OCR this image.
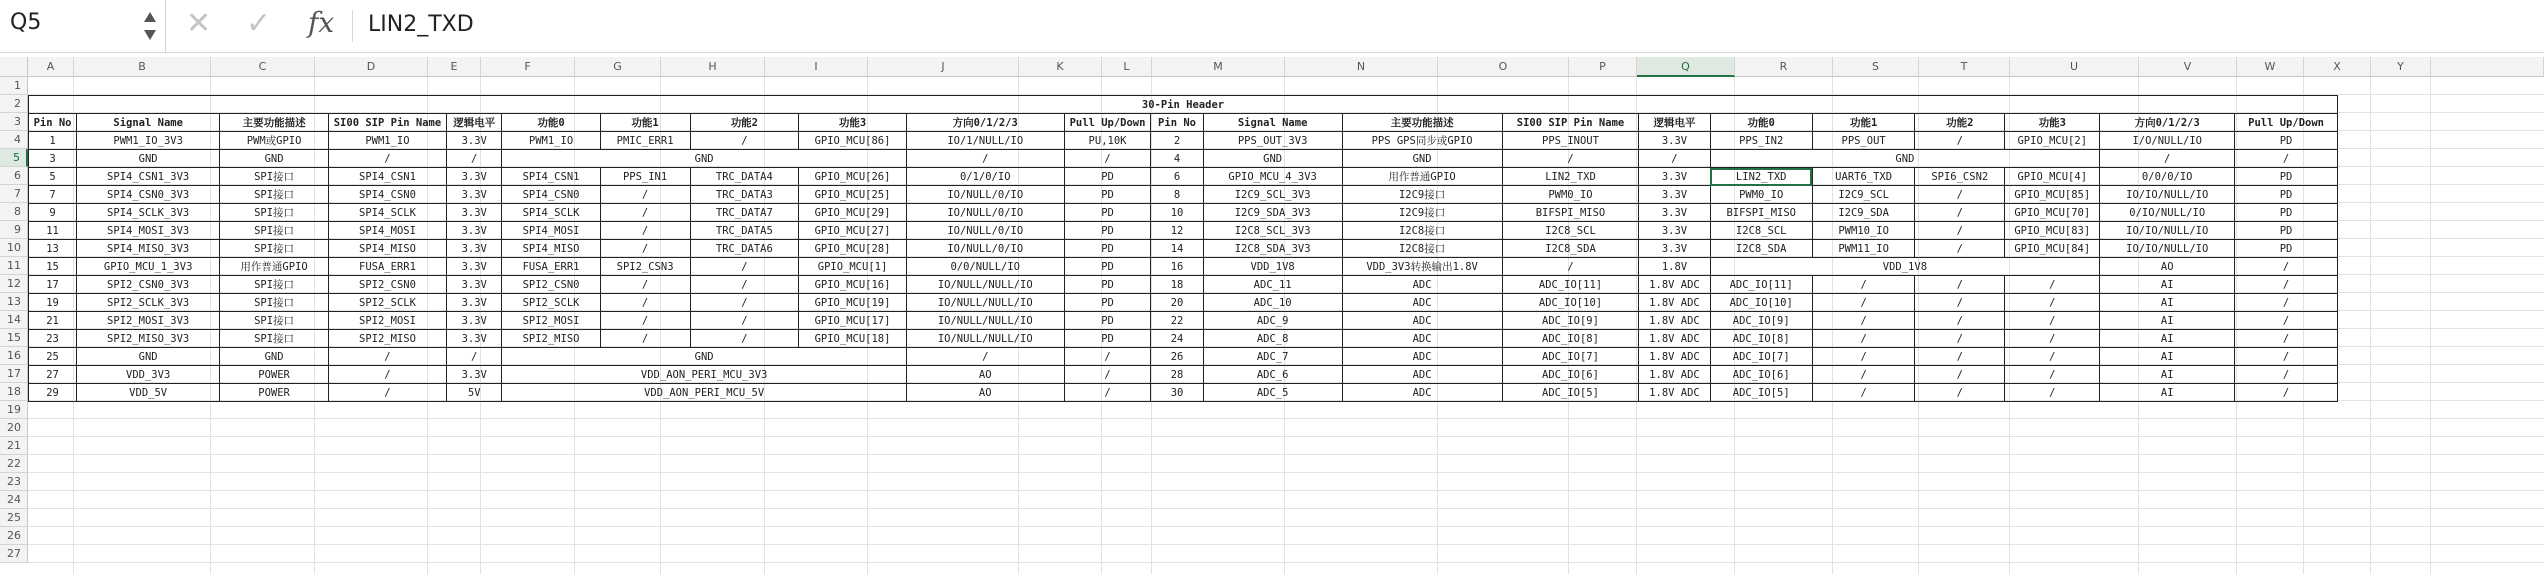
Q5	✕ ✓ fx LIN2_TXD
A	B	C	D	E	F	G	H	I	J	K	L	M	N	O	P	Q	R	S	T	U	V	W	X	Y
1
2
3
4
5
6
7
8
9
10
11
12
13
14
15
16
17
18
19
20
21
22
23
24
25
26
27
30-Pin Header																					
Pin No	Signal Name	主要功能描述	SI00 SIP Pin Name	逻辑电平	功能0	功能1	功能2	功能3	方向0/1/2/3	Pull Up/Down	Pin No	Signal Name	主要功能描述	SI00 SIP Pin Name	逻辑电平	功能0	功能1	功能2	功能3	方向0/1/2/3	Pull Up/Down
1	PWM1_IO_3V3	PWM或GPIO	PWM1_IO	3.3V	PWM1_IO	PMIC_ERR1	/	GPIO_MCU[86]	IO/1/NULL/IO	PU,10K	2	PPS_OUT_3V3	PPS GPS同步或GPIO	PPS_INOUT	3.3V	PPS_IN2	PPS_OUT	/	GPIO_MCU[2]	I/O/NULL/IO	PD
3	GND	GND	/	/	GND				/	/	4	GND	GND	/	/	GND				/	/
5	SPI4_CSN1_3V3	SPI接口	SPI4_CSN1	3.3V	SPI4_CSN1	PPS_IN1	TRC_DATA4	GPIO_MCU[26]	0/1/0/IO	PD	6	GPIO_MCU_4_3V3	用作普通GPIO	LIN2_TXD	3.3V	LIN2_TXD	UART6_TXD	SPI6_CSN2	GPIO_MCU[4]	0/0/0/IO	PD
7	SPI4_CSN0_3V3	SPI接口	SPI4_CSN0	3.3V	SPI4_CSN0	/	TRC_DATA3	GPIO_MCU[25]	IO/NULL/0/IO	PD	8	I2C9_SCL_3V3	I2C9接口	PWM0_IO	3.3V	PWM0_IO	I2C9_SCL	/	GPIO_MCU[85]	IO/IO/NULL/IO	PD
9	SPI4_SCLK_3V3	SPI接口	SPI4_SCLK	3.3V	SPI4_SCLK	/	TRC_DATA7	GPIO_MCU[29]	IO/NULL/0/IO	PD	10	I2C9_SDA_3V3	I2C9接口	BIFSPI_MISO	3.3V	BIFSPI_MISO	I2C9_SDA	/	GPIO_MCU[70]	0/IO/NULL/IO	PD
11	SPI4_MOSI_3V3	SPI接口	SPI4_MOSI	3.3V	SPI4_MOSI	/	TRC_DATA5	GPIO_MCU[27]	IO/NULL/0/IO	PD	12	I2C8_SCL_3V3	I2C8接口	I2C8_SCL	3.3V	I2C8_SCL	PWM10_IO	/	GPIO_MCU[83]	IO/IO/NULL/IO	PD
13	SPI4_MISO_3V3	SPI接口	SPI4_MISO	3.3V	SPI4_MISO	/	TRC_DATA6	GPIO_MCU[28]	IO/NULL/0/IO	PD	14	I2C8_SDA_3V3	I2C8接口	I2C8_SDA	3.3V	I2C8_SDA	PWM11_IO	/	GPIO_MCU[84]	IO/IO/NULL/IO	PD
15	GPIO_MCU_1_3V3	用作普通GPIO	FUSA_ERR1	3.3V	FUSA_ERR1	SPI2_CSN3	/	GPIO_MCU[1]	0/0/NULL/IO	PD	16	VDD_1V8	VDD_3V3转换输出1.8V	/	1.8V	VDD_1V8				AO	/
17	SPI2_CSN0_3V3	SPI接口	SPI2_CSN0	3.3V	SPI2_CSN0	/	/	GPIO_MCU[16]	IO/NULL/NULL/IO	PD	18	ADC_11	ADC	ADC_IO[11]	1.8V ADC	ADC_IO[11]	/	/	/	AI	/
19	SPI2_SCLK_3V3	SPI接口	SPI2_SCLK	3.3V	SPI2_SCLK	/	/	GPIO_MCU[19]	IO/NULL/NULL/IO	PD	20	ADC_10	ADC	ADC_IO[10]	1.8V ADC	ADC_IO[10]	/	/	/	AI	/
21	SPI2_MOSI_3V3	SPI接口	SPI2_MOSI	3.3V	SPI2_MOSI	/	/	GPIO_MCU[17]	IO/NULL/NULL/IO	PD	22	ADC_9	ADC	ADC_IO[9]	1.8V ADC	ADC_IO[9]	/	/	/	AI	/
23	SPI2_MISO_3V3	SPI接口	SPI2_MISO	3.3V	SPI2_MISO	/	/	GPIO_MCU[18]	IO/NULL/NULL/IO	PD	24	ADC_8	ADC	ADC_IO[8]	1.8V ADC	ADC_IO[8]	/	/	/	AI	/
25	GND	GND	/	/	GND				/	/	26	ADC_7	ADC	ADC_IO[7]	1.8V ADC	ADC_IO[7]	/	/	/	AI	/
27	VDD_3V3	POWER	/	3.3V	VDD_AON_PERI_MCU_3V3				AO	/	28	ADC_6	ADC	ADC_IO[6]	1.8V ADC	ADC_IO[6]	/	/	/	AI	/
29	VDD_5V	POWER	/	5V	VDD_AON_PERI_MCU_5V				AO	/	30	ADC_5	ADC	ADC_IO[5]	1.8V ADC	ADC_IO[5]	/	/	/	AI	/
